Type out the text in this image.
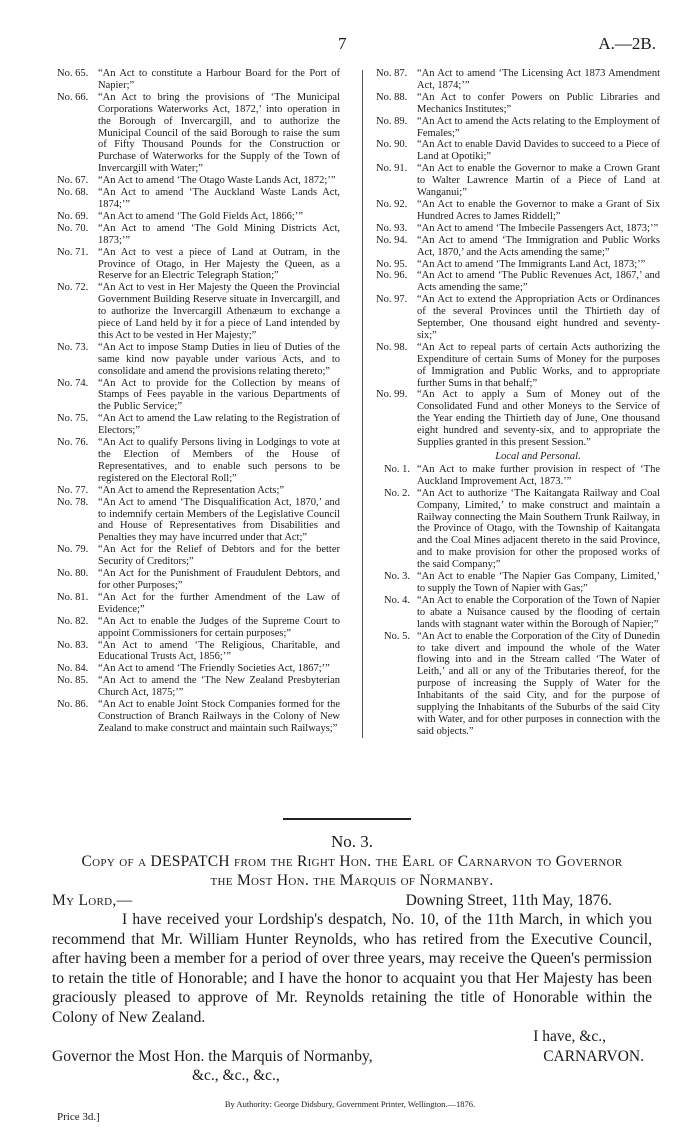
7	A.—2B.
No. 65. “An Act to constitute a Harbour Board for the Port of Napier;”
No. 66. “An Act to bring the provisions of ‘The Municipal Corporations Waterworks Act, 1872,’ into operation in the Borough of Invercargill, and to authorize the Municipal Council of the said Borough to raise the sum of Fifty Thousand Pounds for the Construction or Purchase of Waterworks for the Supply of the Town of Invercargill with Water;”
No. 67. “An Act to amend ‘The Otago Waste Lands Act, 1872;’”
No. 68. “An Act to amend ‘The Auckland Waste Lands Act, 1874;’”
No. 69. “An Act to amend ‘The Gold Fields Act, 1866;’”
No. 70. “An Act to amend ‘The Gold Mining Districts Act, 1873;’”
No. 71. “An Act to vest a piece of Land at Outram, in the Province of Otago, in Her Majesty the Queen, as a Reserve for an Electric Telegraph Station;”
No. 72. “An Act to vest in Her Majesty the Queen the Provincial Government Building Reserve situate in Invercargill, and to authorize the Invercargill Athenæum to exchange a piece of Land held by it for a piece of Land intended by this Act to be vested in Her Majesty;”
No. 73. “An Act to impose Stamp Duties in lieu of Duties of the same kind now payable under various Acts, and to consolidate and amend the provisions relating thereto;”
No. 74. “An Act to provide for the Collection by means of Stamps of Fees payable in the various Departments of the Public Service;”
No. 75. “An Act to amend the Law relating to the Registration of Electors;”
No. 76. “An Act to qualify Persons living in Lodgings to vote at the Election of Members of the House of Representatives, and to enable such persons to be registered on the Electoral Roll;”
No. 77. “An Act to amend the Representation Acts;”
No. 78. “An Act to amend ‘The Disqualification Act, 1870,’ and to indemnify certain Members of the Legislative Council and House of Representatives from Disabilities and Penalties they may have incurred under that Act;”
No. 79. “An Act for the Relief of Debtors and for the better Security of Creditors;”
No. 80. “An Act for the Punishment of Fraudulent Debtors, and for other Purposes;”
No. 81. “An Act for the further Amendment of the Law of Evidence;”
No. 82. “An Act to enable the Judges of the Supreme Court to appoint Commissioners for certain purposes;”
No. 83. “An Act to amend ‘The Religious, Charitable, and Educational Trusts Act, 1856;’”
No. 84. “An Act to amend ‘The Friendly Societies Act, 1867;’”
No. 85. “An Act to amend the ‘The New Zealand Presbyterian Church Act, 1875;’”
No. 86. “An Act to enable Joint Stock Companies formed for the Construction of Branch Railways in the Colony of New Zealand to make construct and maintain such Railways;”
No. 87. “An Act to amend ‘The Licensing Act 1873 Amendment Act, 1874;’”
No. 88. “An Act to confer Powers on Public Libraries and Mechanics Institutes;”
No. 89. “An Act to amend the Acts relating to the Employment of Females;”
No. 90. “An Act to enable David Davides to succeed to a Piece of Land at Opotiki;”
No. 91. “An Act to enable the Governor to make a Crown Grant to Walter Lawrence Martin of a Piece of Land at Wanganui;”
No. 92. “An Act to enable the Governor to make a Grant of Six Hundred Acres to James Riddell;”
No. 93. “An Act to amend ‘The Imbecile Passengers Act, 1873;’”
No. 94. “An Act to amend ‘The Immigration and Public Works Act, 1870,’ and the Acts amending the same;”
No. 95. “An Act to amend ‘The Immigrants Land Act, 1873;’”
No. 96. “An Act to amend ‘The Public Revenues Act, 1867,’ and Acts amending the same;”
No. 97. “An Act to extend the Appropriation Acts or Ordinances of the several Provinces until the Thirtieth day of September, One thousand eight hundred and seventy-six;”
No. 98. “An Act to repeal parts of certain Acts authorizing the Expenditure of certain Sums of Money for the purposes of Immigration and Public Works, and to appropriate further Sums in that behalf;”
No. 99. “An Act to apply a Sum of Money out of the Consolidated Fund and other Moneys to the Service of the Year ending the Thirtieth day of June, One thousand eight hundred and seventy-six, and to appropriate the Supplies granted in this present Session.”
Local and Personal.
No. 1. “An Act to make further provision in respect of ‘The Auckland Improvement Act, 1873.’”
No. 2. “An Act to authorize ‘The Kaitangata Railway and Coal Company, Limited,’ to make construct and maintain a Railway connecting the Main Southern Trunk Railway, in the Province of Otago, with the Township of Kaitangata and the Coal Mines adjacent thereto in the said Province, and to make provision for other the proposed works of the said Company;”
No. 3. “An Act to enable ‘The Napier Gas Company, Limited,’ to supply the Town of Napier with Gas;”
No. 4. “An Act to enable the Corporation of the Town of Napier to abate a Nuisance caused by the flooding of certain lands with stagnant water within the Borough of Napier;”
No. 5. “An Act to enable the Corporation of the City of Dunedin to take divert and impound the whole of the Water flowing into and in the Stream called ‘The Water of Leith,’ and all or any of the Tributaries thereof, for the purpose of increasing the Supply of Water for the Inhabitants of the said City, and for the purpose of supplying the Inhabitants of the Suburbs of the said City with Water, and for other purposes in connection with the said objects.”
No. 3.
Copy of a DESPATCH from the Right Hon. the Earl of Carnarvon to Governor
the Most Hon. the Marquis of Normanby.
My Lord,—	Downing Street, 11th May, 1876.
I have received your Lordship's despatch, No. 10, of the 11th March, in which you recommend that Mr. William Hunter Reynolds, who has retired from the Executive Council, after having been a member for a period of over three years, may receive the Queen's permission to retain the title of Honorable; and I have the honor to acquaint you that Her Majesty has been graciously pleased to approve of Mr. Reynolds retaining the title of Honorable within the Colony of New Zealand.
I have, &c.,
Governor the Most Hon. the Marquis of Normanby,	CARNARVON.
&c., &c., &c.,
By Authority: George Didsbury, Government Printer, Wellington.—1876.
Price 3d.]
